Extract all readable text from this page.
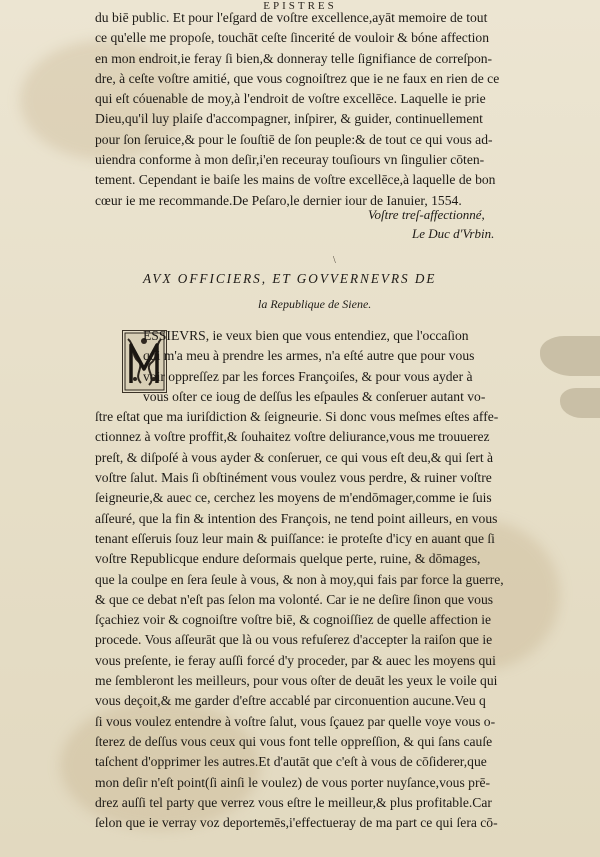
EPISTRES
du biē public. Et pour l'eſgard de voſtre excellence,ayāt memoire de tout
ce qu'elle me propoſe, touchāt ceſte ſincerité de vouloir & bóne affection
en mon endroit,ie feray ſi bien,& donneray telle ſignifiance de correſpon-
dre, à ceſte voſtre amitié, que vous cognoiſtrez que ie ne faux en rien de ce
qui eſt cóuenable de moy,à l'endroit de voſtre excellēce. Laquelle ie prie
Dieu,qu'il luy plaiſe d'accompagner, inſpirer, & guider, continuellement
pour ſon ſeruice,& pour le ſouſtiē de ſon peuple:& de tout ce qui vous ad-
uiendra conforme à mon deſir,i'en receuray touſiours vn ſingulier cōten-
tement. Cependant ie baiſe les mains de voſtre excellēce,à laquelle de bon
cœur ie me recommande.De Peſaro,le dernier iour de Ianuier, 1554.
Voſtre treſ-affectionné,
Le Duc d'Vrbin.
\
AVX OFFICIERS, ET GOVVERNEVRS DE
la Republique de Siene.
ESSIEVRS, ie veux bien que vous entendiez, que l'occaſion
qui m'a meu à prendre les armes, n'a eſté autre que pour vous
voir oppreſſez par les forces Françoiſes, & pour vous ayder à
vous oſter ce ioug de deſſus les eſpaules & conſeruer autant vo-
ſtre eſtat que ma iuriſdiction & ſeigneurie. Si donc vous meſmes eſtes affe-
ctionnez à voſtre proffit,& ſouhaitez voſtre deliurance,vous me trouuerez
preſt, & diſpoſé à vous ayder & conſeruer, ce qui vous eſt deu,& qui ſert à
voſtre ſalut. Mais ſi obſtinément vous voulez vous perdre, & ruiner voſtre
ſeigneurie,& auec ce, cerchez les moyens de m'endōmager,comme ie ſuis
aſſeuré, que la fin & intention des François, ne tend point ailleurs, en vous
tenant eſſeruis ſouz leur main & puiſſance: ie proteſte d'icy en auant que ſi
voſtre Republicque endure deſormais quelque perte, ruine, & dōmages,
que la coulpe en ſera ſeule à vous, & non à moy,qui fais par force la guerre,
& que ce debat n'eſt pas ſelon ma volonté. Car ie ne deſire ſinon que vous
ſçachiez voir & cognoiſtre voſtre biē, & cognoiſſiez de quelle affection ie
procede. Vous aſſeurāt que là ou vous refuſerez d'accepter la raiſon que ie
vous preſente, ie feray auſſi forcé d'y proceder, par & auec les moyens qui
me ſembleront les meilleurs, pour vous oſter de deuāt les yeux le voile qui
vous deçoit,& me garder d'eſtre accablé par circonuention aucune.Veu q
ſi vous voulez entendre à voſtre ſalut, vous ſçauez par quelle voye vous o-
ſterez de deſſus vous ceux qui vous font telle oppreſſion, & qui ſans cauſe
taſchent d'opprimer les autres.Et d'autāt que c'eſt à vous de cōſiderer,que
mon deſir n'eſt point(ſi ainſi le voulez) de vous porter nuyſance,vous prē-
drez auſſi tel party que verrez vous eſtre le meilleur,& plus profitable.Car
ſelon que ie verray voz deportemēs,i'effectueray de ma part ce qui ſera cō-
